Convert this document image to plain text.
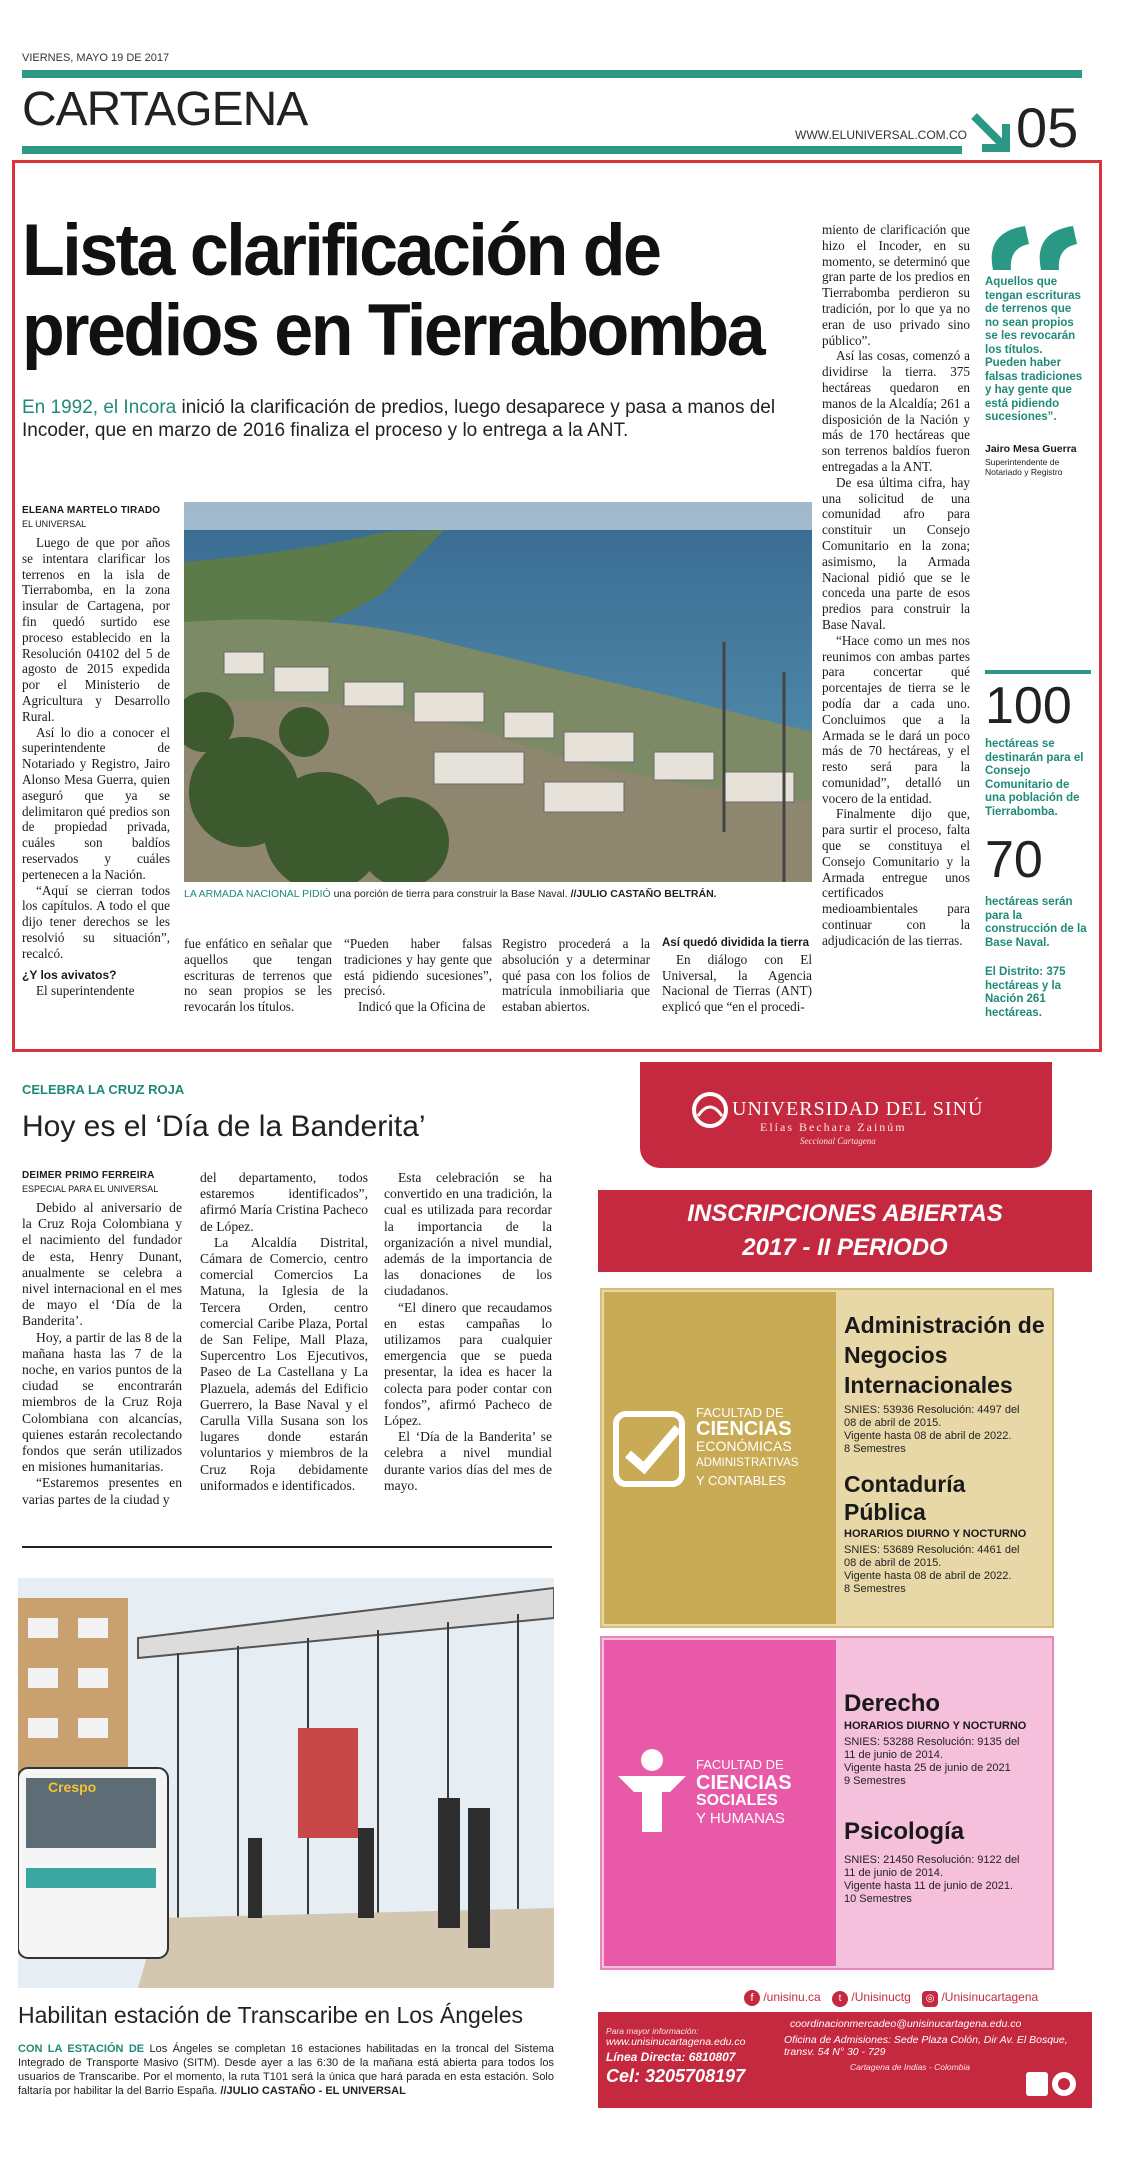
VIERNES, MAYO 19 DE 2017
CARTAGENA	WWW.ELUNIVERSAL.COM.CO 05
Lista clarificación de
predios en Tierrabomba
En 1992, el Incora inició la clarificación de predios, luego desaparece y pasa a manos del Incoder, que en marzo de 2016 finaliza el proceso y lo entrega a la ANT.
ELEANA MARTELO TIRADO
EL UNIVERSAL

Luego de que por años se intentara clarificar los terrenos en la isla de Tierrabomba, en la zona insular de Cartagena, por fin quedó surtido ese proceso establecido en la Resolución 04102 del 5 de agosto de 2015 expedida por el Ministerio de Agricultura y Desarrollo Rural.

Así lo dio a conocer el superintendente de Notariado y Registro, Jairo Alonso Mesa Guerra, quien aseguró que ya se delimitaron qué predios son de propiedad privada, cuáles son baldíos reservados y cuáles pertenecen a la Nación.

“Aquí se cierran todos los capítulos. A todo el que dijo tener derechos se les resolvió su situación”, recalcó.

¿Y los avivatos?

El superintendente

LA ARMADA NACIONAL PIDIÓ una porción de tierra para construir la Base Naval. //JULIO CASTAÑO BELTRÁN.

fue enfático en señalar que aquellos que tengan escrituras de terrenos que no sean propios se les revocarán los títulos.

“Pueden haber falsas tradiciones y hay gente que está pidiendo sucesiones”, precisó.

Indicó que la Oficina de

Registro procederá a la absolución y a determinar qué pasa con los folios de matrícula inmobiliaria que estaban abiertos.

Así quedó dividida la tierra

En diálogo con El Universal, la Agencia Nacional de Tierras (ANT) explicó que “en el procedi-

miento de clarificación que hizo el Incoder, en su momento, se determinó que gran parte de los predios en Tierrabomba perdieron su tradición, por lo que ya no eran de uso privado sino público”.

Así las cosas, comenzó a dividirse la tierra. 375 hectáreas quedaron en manos de la Alcaldía; 261 a disposición de la Nación y más de 170 hectáreas que son terrenos baldíos fueron entregadas a la ANT.

De esa última cifra, hay una solicitud de una comunidad afro para constituir un Consejo Comunitario en la zona; asimismo, la Armada Nacional pidió que se le conceda una parte de esos predios para construir la Base Naval.

“Hace como un mes nos reunimos con ambas partes para concertar qué porcentajes de tierra se le podía dar a cada uno. Concluimos que a la Armada se le dará un poco más de 70 hectáreas, y el resto será para la comunidad”, detalló un vocero de la entidad.

Finalmente dijo que, para surtir el proceso, falta que se constituya el Consejo Comunitario y la Armada entregue unos certificados medioambientales para continuar con la adjudicación de las tierras.

Aquellos que tengan escrituras de terrenos que no sean propios se les revocarán los títulos. Pueden haber falsas tradiciones y hay gente que está pidiendo sucesiones”.
Jairo Mesa Guerra
Superintendente de Notariado y Registro
100
hectáreas se destinarán para el Consejo Comunitario de una población de Tierrabomba.
70
hectáreas serán para la construcción de la Base Naval.
El Distrito: 375 hectáreas y la Nación 261 hectáreas.
CELEBRA LA CRUZ ROJA
Hoy es el ‘Día de la Banderita’
DEIMER PRIMO FERREIRA
ESPECIAL PARA EL UNIVERSAL

Debido al aniversario de la Cruz Roja Colombiana y el nacimiento del fundador de esta, Henry Dunant, anualmente se celebra a nivel internacional en el mes de mayo el ‘Día de la Banderita’.

Hoy, a partir de las 8 de la mañana hasta las 7 de la noche, en varios puntos de la ciudad se encontrarán miembros de la Cruz Roja Colombiana con alcancías, quienes estarán recolectando fondos que serán utilizados en misiones humanitarias.

“Estaremos presentes en varias partes de la ciudad y

del departamento, todos estaremos identificados”, afirmó María Cristina Pacheco de López.

La Alcaldía Distrital, Cámara de Comercio, centro comercial Comercios La Matuna, la Iglesia de la Tercera Orden, centro comercial Caribe Plaza, Portal de San Felipe, Mall Plaza, Supercentro Los Ejecutivos, Paseo de La Castellana y La Plazuela, además del Edificio Guerrero, la Base Naval y el Carulla Villa Susana son los lugares donde estarán voluntarios y miembros de la Cruz Roja debidamente uniformados e identificados.

Esta celebración se ha convertido en una tradición, la cual es utilizada para recordar la importancia de la organización a nivel mundial, además de la importancia de las donaciones de los ciudadanos.

“El dinero que recaudamos en estas campañas lo utilizamos para cualquier emergencia que se pueda presentar, la idea es hacer la colecta para poder contar con fondos”, afirmó Pacheco de López.

El ‘Día de la Banderita’ se celebra a nivel mundial durante varios días del mes de mayo.

Crespo
Habilitan estación de Transcaribe en Los Ángeles
CON LA ESTACIÓN DE Los Ángeles se completan 16 estaciones habilitadas en la troncal del Sistema Integrado de Transporte Masivo (SITM). Desde ayer a las 6:30 de la mañana está abierta para todos los usuarios de Transcaribe. Por el momento, la ruta T101 será la única que hará parada en esta estación. Solo faltaría por habilitar la del Barrio España. //JULIO CASTAÑO - EL UNIVERSAL
UNIVERSIDAD DEL SINÚ
Elías Bechara Zainúm
Seccional Cartagena
INSCRIPCIONES ABIERTAS
2017 - II PERIODO
FACULTAD DE
CIENCIAS
ECONÓMICAS
ADMINISTRATIVAS
Y CONTABLES
Administración de Negocios Internacionales
SNIES: 53936 Resolución: 4497 del
08 de abril de 2015.
Vigente hasta 08 de abril de 2022.
8 Semestres
Contaduría Pública
HORARIOS DIURNO Y NOCTURNO
SNIES: 53689 Resolución: 4461 del
08 de abril de 2015.
Vigente hasta 08 de abril de 2022.
8 Semestres
FACULTAD DE
CIENCIAS
SOCIALES
Y HUMANAS
Derecho
HORARIOS DIURNO Y NOCTURNO
SNIES: 53288 Resolución: 9135 del
11 de junio de 2014.
Vigente hasta 25 de junio de 2021
9 Semestres
Psicología
SNIES: 21450 Resolución: 9122 del
11 de junio de 2014.
Vigente hasta 11 de junio de 2021.
10 Semestres
f /unisinu.ca t /Unisinuctg ◎ /Unisinucartagena
coordinacionmercadeo@unisinucartagena.edu.co
Para mayor información:
www.unisinucartagena.edu.co
Línea Directa: 6810807
Cel: 3205708197
Oficina de Admisiones: Sede Plaza Colón, Dir Av. El Bosque, transv. 54 N° 30 - 729
Cartagena de Indias - Colombia
